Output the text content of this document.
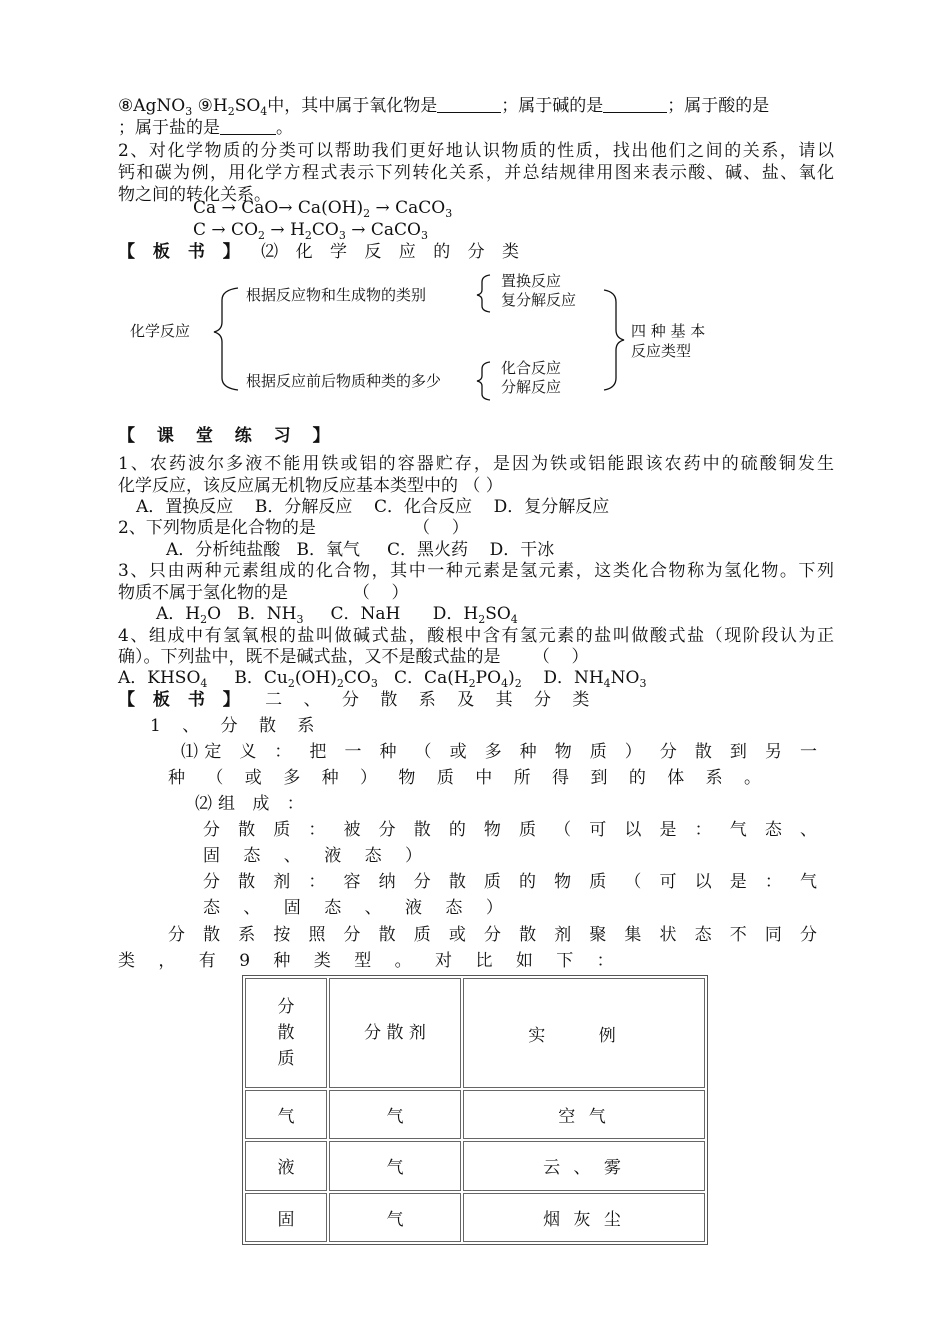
⑧AgNO$_3$ $⑨H_2SO_4$中，其中属于氧化物是	；属于碱的是	；属于酸的是
；属于盐的是	。
2、对化学物质的分类可以帮助我们更好地认识物质的性质，找出他们之间的关系，请以
钙和碳为例，用化学方程式表示下列转化关系，并总结规律用图来表示酸、碱、盐、氧化
物之间的转化关系。
$Ca \to CaO\to Ca(OH)_2$ → CaCO$_3$
$C \to CO_2 \to H_2CO_3$ → CaCO$_3$
【 板 书 】 ⑵ 化 学 反 应 的 分 类
化学反应
根据反应物和生成物的类别
置换反应
复分解反应
根据反应前后物质种类的多少
化合反应
分解反应
四 种 基 本
反应类型
【 课 堂 练 习 】
1、农药波尔多液不能用铁或铝的容器贮存，是因为铁或铝能跟该农药中的硫酸铜发生
化学反应，该反应属无机物反应基本类型中的 （ ）
A．置换反应    B．分解反应    C．化合反应    D．复分解反应
2、下列物质是化合物的是                  （    ）
A．分析纯盐酸   B．氧气     C．黑火药    D．干冰
3、只由两种元素组成的化合物，其中一种元素是氢元素，这类化合物称为氢化物。下列
物质不属于氢化物的是            （    ）
A．$H_2O$   B．$NH_3$     C．NaH      D．$H_2SO_4$
4、组成中有氢氧根的盐叫做碱式盐，酸根中含有氢元素的盐叫做酸式盐（现阶段认为正
确）。下列盐中，既不是碱式盐，又不是酸式盐的是      （    ）
A．$KHSO_4$     B．$Cu_2(OH)_2CO_3$   C．$Ca(H_2PO_4)_2$    D．$NH_4NO_3$
【 板 书 】 二 、 分 散 系 及 其 分 类
1 、 分 散 系
⑴定 义 ： 把 一 种 （ 或 多 种 物 质 ） 分 散 到 另 一
种 （ 或 多 种 ） 物 质 中 所 得 到 的 体 系 。
⑵组 成 ：
分 散 质 ： 被 分 散 的 物 质 （ 可 以 是 ： 气 态 、
固 态 、 液 态 ）
分 散 剂 ： 容 纳 分 散 质 的 物 质 （ 可 以 是 ： 气
态 、 固 态 、 液 态 ）
分 散 系 按 照 分 散 质 或 分 散 剂 聚 集 状 态 不 同 分
类 ， 有 9 种 类 型 。 对 比 如 下 ：
分散质	分 散 剂	实 例
气	气	空 气
液	气	云 、 雾
固	气	烟 灰 尘
